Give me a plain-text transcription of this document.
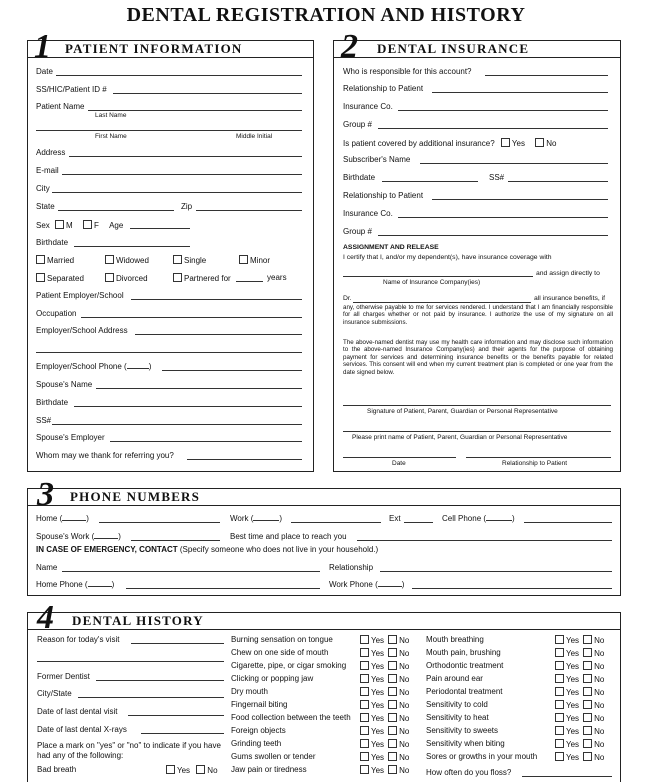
DENTAL REGISTRATION AND HISTORY
1 PATIENT INFORMATION
Date
SS/HIC/Patient ID #
Patient Name
Last Name
First Name	Middle Initial
Address
E-mail
City
State	Zip
Sex M	F Age
Birthdate
Married	Widowed	Single	Minor
Separated	Divorced	Partnered for	years
Patient Employer/School
Occupation
Employer/School Address
Employer/School Phone (	)
Spouse's Name
Birthdate
SS#
Spouse's Employer
Whom may we thank for referring you?
2 DENTAL INSURANCE
Who is responsible for this account?
Relationship to Patient
Insurance Co.
Group #
Is patient covered by additional insurance? Yes	No
Subscriber's Name
Birthdate	SS#
Relationship to Patient
Insurance Co.
Group #
ASSIGNMENT AND RELEASE
I certify that I, and/or my dependent(s), have insurance coverage with
and assign directly to
Name of Insurance Company(ies)
Dr.	all insurance benefits, if
any, otherwise payable to me for services rendered. I understand that I am financially responsible for all charges whether or not paid by insurance. I authorize the use of my signature on all insurance submissions.
The above-named dentist may use my health care information and may disclose such information to the above-named Insurance Company(ies) and their agents for the purpose of obtaining payment for services and determining insurance benefits or the benefits payable for related services. This consent will end when my current treatment plan is completed or one year from the date signed below.
Signature of Patient, Parent, Guardian or Personal Representative
Please print name of Patient, Parent, Guardian or Personal Representative
Date	Relationship to Patient
3 PHONE NUMBERS
Home (	)	Work (	)	Ext	Cell Phone (	)
Spouse's Work (	)	Best time and place to reach you
IN CASE OF EMERGENCY, CONTACT (Specify someone who does not live in your household.)
Name	Relationship
Home Phone (	)	Work Phone (	)
4 DENTAL HISTORY
Reason for today's visit
Former Dentist
City/State
Date of last dental visit
Date of last dental X-rays
Place a mark on "yes" or "no" to indicate if you have had any of the following:
Bad breath	Yes No
Burning sensation on tongue	Yes No
Chew on one side of mouth	Yes No
Cigarette, pipe, or cigar smoking	Yes No
Clicking or popping jaw	Yes No
Dry mouth	Yes No
Fingernail biting	Yes No
Food collection between the teeth	Yes No
Foreign objects	Yes No
Grinding teeth	Yes No
Gums swollen or tender	Yes No
Jaw pain or tiredness	Yes No
Mouth breathing	Yes No
Mouth pain, brushing	Yes No
Orthodontic treatment	Yes No
Pain around ear	Yes No
Periodontal treatment	Yes No
Sensitivity to cold	Yes No
Sensitivity to heat	Yes No
Sensitivity to sweets	Yes No
Sensitivity when biting	Yes No
Sores or growths in your mouth	Yes No
How often do you floss?
